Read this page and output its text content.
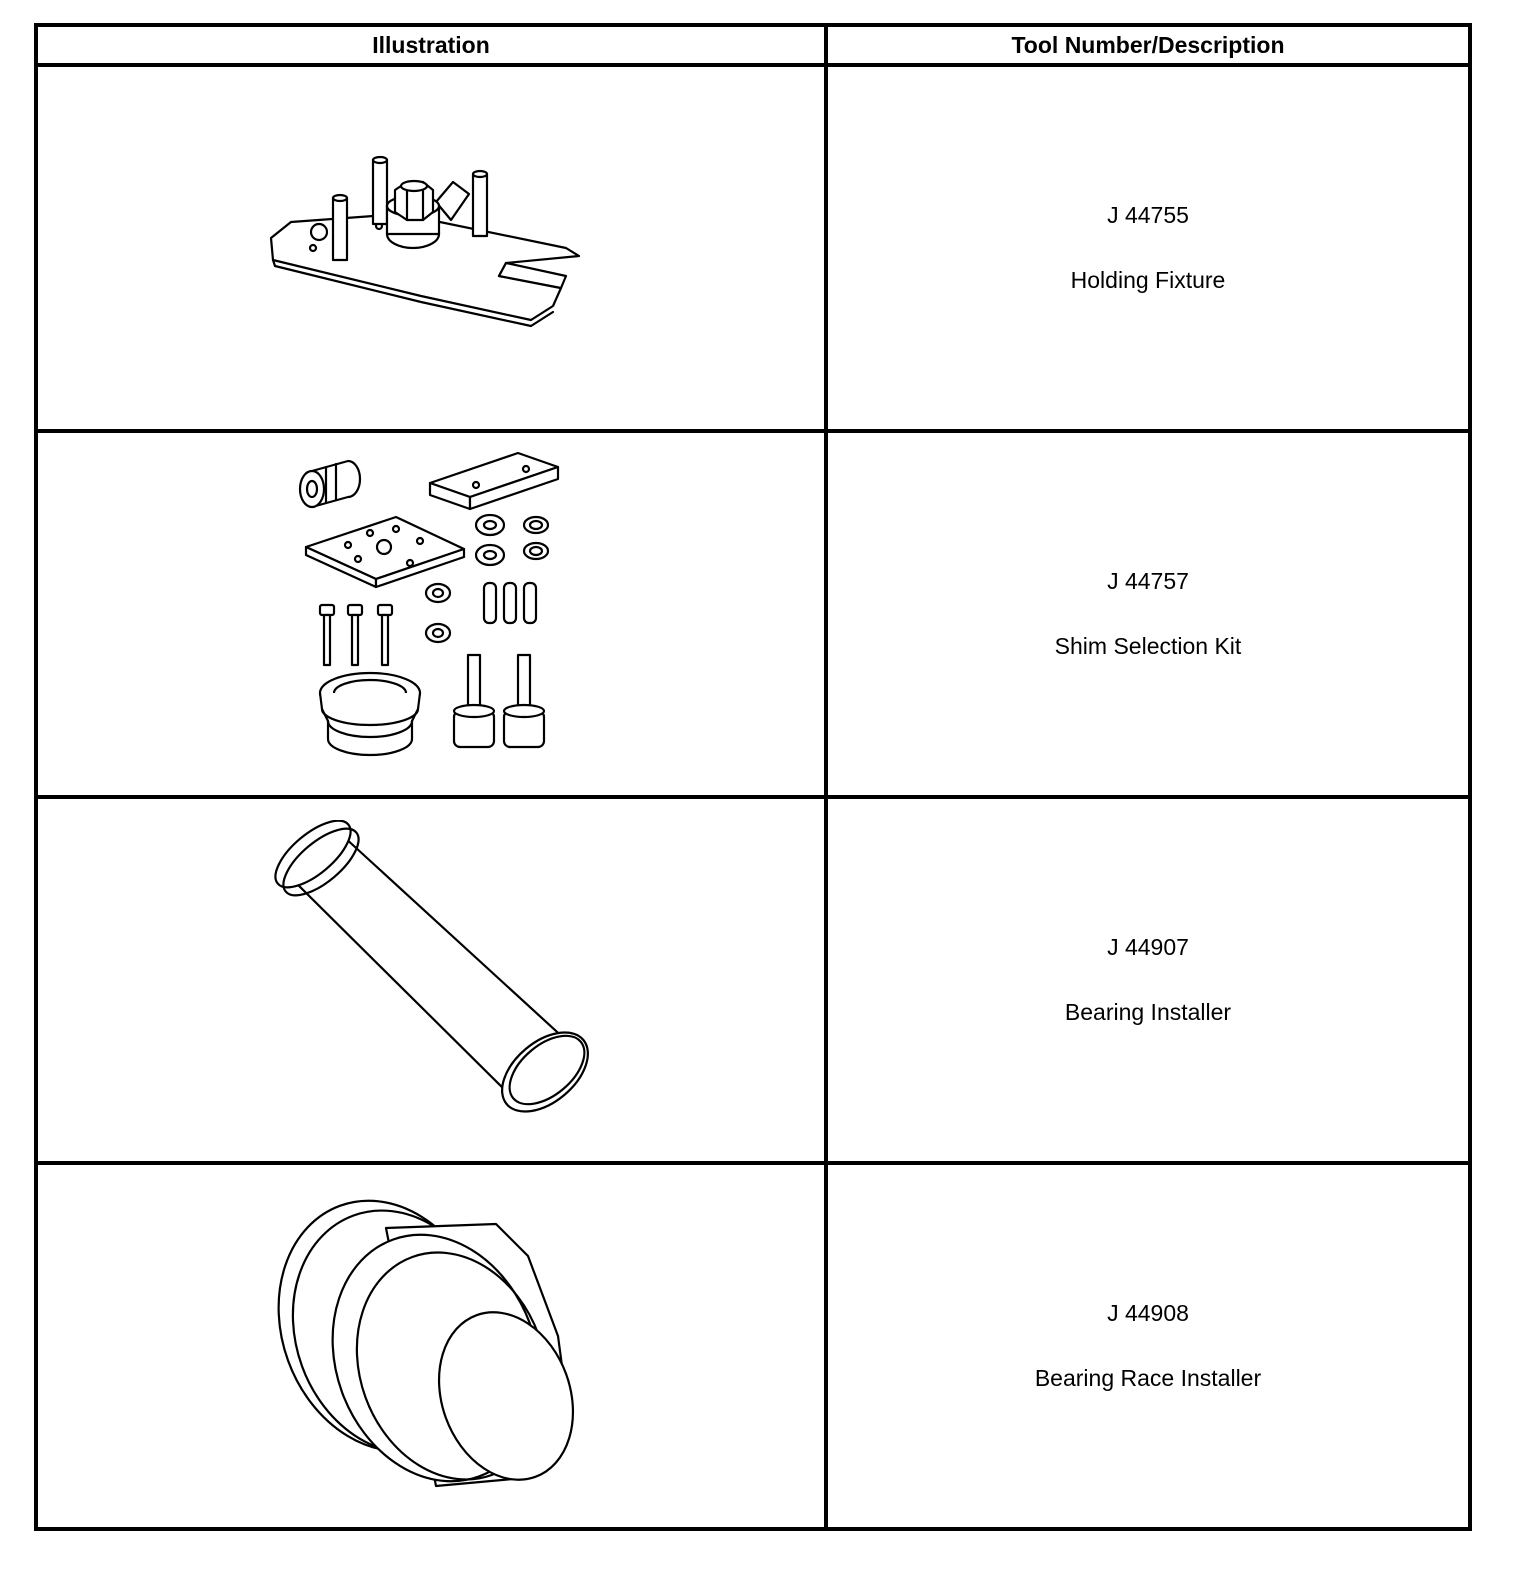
Illustration	Tool Number/Description

J 44755
Holding Fixture

J 44757
Shim Selection Kit

J 44907
Bearing Installer

J 44908
Bearing Race Installer
